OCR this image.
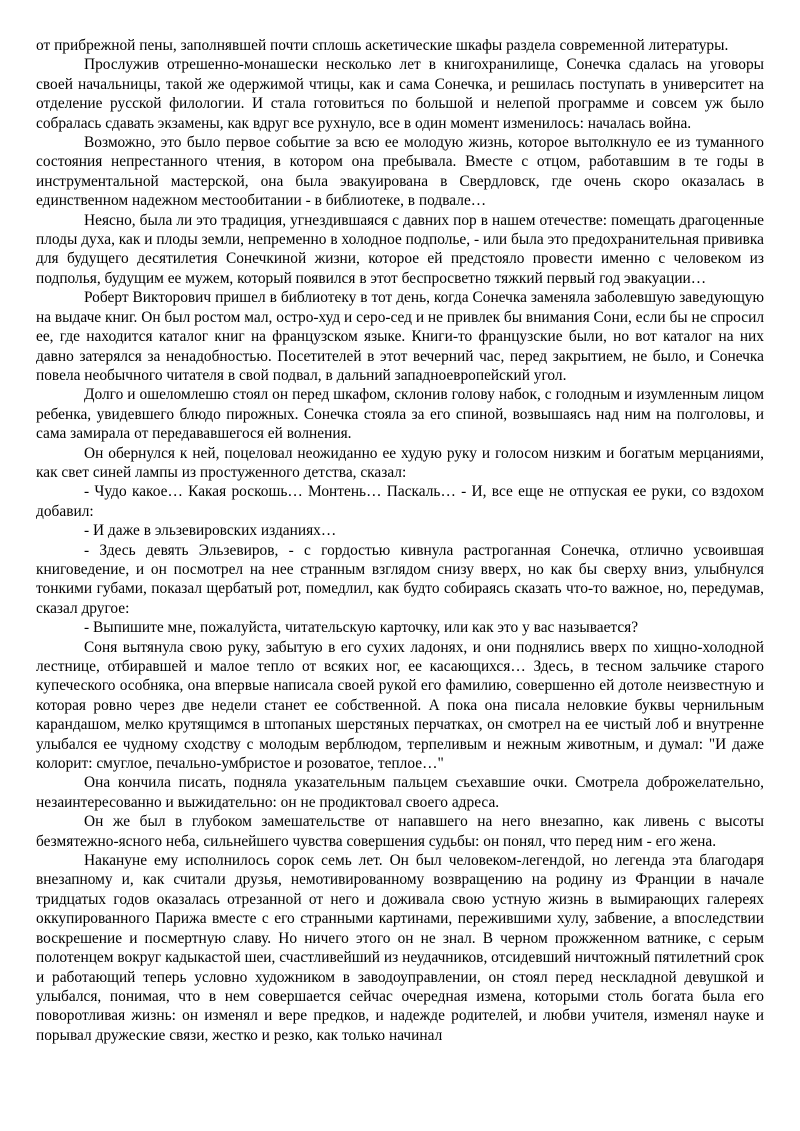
от прибрежной пены, заполнявшей почти сплошь аскетические шкафы раздела современной литературы.

Прослужив отрешенно-монашески несколько лет в книгохранилище, Сонечка сдалась на уговоры своей начальницы, такой же одержимой чтицы, как и сама Сонечка, и решилась поступать в университет на отделение русской филологии. И стала готовиться по большой и нелепой программе и совсем уж было собралась сдавать экзамены, как вдруг все рухнуло, все в один момент изменилось: началась война.

Возможно, это было первое событие за всю ее молодую жизнь, которое вытолкнуло ее из туманного состояния непрестанного чтения, в котором она пребывала. Вместе с отцом, работавшим в те годы в инструментальной мастерской, она была эвакуирована в Свердловск, где очень скоро оказалась в единственном надежном местообитании - в библиотеке, в подвале…

Неясно, была ли это традиция, угнездившаяся с давних пор в нашем отечестве: помещать драгоценные плоды духа, как и плоды земли, непременно в холодное подполье, - или была это предохранительная прививка для будущего десятилетия Сонечкиной жизни, которое ей предстояло провести именно с человеком из подполья, будущим ее мужем, который появился в этот беспросветно тяжкий первый год эвакуации…

Роберт Викторович пришел в библиотеку в тот день, когда Сонечка заменяла заболевшую заведующую на выдаче книг. Он был ростом мал, остро-худ и серо-сед и не привлек бы внимания Сони, если бы не спросил ее, где находится каталог книг на французском языке. Книги-то французские были, но вот каталог на них давно затерялся за ненадобностью. Посетителей в этот вечерний час, перед закрытием, не было, и Сонечка повела необычного читателя в свой подвал, в дальний западноевропейский угол.

Долго и ошеломлешю стоял он перед шкафом, склонив голову набок, с голодным и изумленным лицом ребенка, увидевшего блюдо пирожных. Сонечка стояла за его спиной, возвышаясь над ним на полголовы, и сама замирала от передававшегося ей волнения.

Он обернулся к ней, поцеловал неожиданно ее худую руку и голосом низким и богатым мерцаниями, как свет синей лампы из простуженного детства, сказал:

- Чудо какое… Какая роскошь… Монтень… Паскаль… - И, все еще не отпуская ее руки, со вздохом добавил:

- И даже в эльзевировских изданиях…

- Здесь девять Эльзевиров, - с гордостью кивнула растроганная Сонечка, отлично усвоившая книговедение, и он посмотрел на нее странным взглядом снизу вверх, но как бы сверху вниз, улыбнулся тонкими губами, показал щербатый рот, помедлил, как будто собираясь сказать что-то важное, но, передумав, сказал другое:

- Выпишите мне, пожалуйста, читательскую карточку, или как это у вас называется?

Соня вытянула свою руку, забытую в его сухих ладонях, и они поднялись вверх по хищно-холодной лестнице, отбиравшей и малое тепло от всяких ног, ее касающихся… Здесь, в тесном зальчике старого купеческого особняка, она впервые написала своей рукой его фамилию, совершенно ей дотоле неизвестную и которая ровно через две недели станет ее собственной. А пока она писала неловкие буквы чернильным карандашом, мелко крутящимся в штопаных шерстяных перчатках, он смотрел на ее чистый лоб и внутренне улыбался ее чудному сходству с молодым верблюдом, терпеливым и нежным животным, и думал: "И даже колорит: смуглое, печально-умбристое и розоватое, теплое…"

Она кончила писать, подняла указательным пальцем съехавшие очки. Смотрела доброжелательно, незаинтересованно и выжидательно: он не продиктовал своего адреса.

Он же был в глубоком замешательстве от напавшего на него внезапно, как ливень с высоты безмятежно-ясного неба, сильнейшего чувства совершения судьбы: он понял, что перед ним - его жена.

Накануне ему исполнилось сорок семь лет. Он был человеком-легендой, но легенда эта благодаря внезапному и, как считали друзья, немотивированному возвращению на родину из Франции в начале тридцатых годов оказалась отрезанной от него и доживала свою устную жизнь в вымирающих галереях оккупированного Парижа вместе с его странными картинами, пережившими хулу, забвение, а впоследствии воскрешение и посмертную славу. Но ничего этого он не знал. В черном прожженном ватнике, с серым полотенцем вокруг кадыкастой шеи, счастливейший из неудачников, отсидевший ничтожный пятилетний срок и работающий теперь условно художником в заводоуправлении, он стоял перед нескладной девушкой и улыбался, понимая, что в нем совершается сейчас очередная измена, которыми столь богата была его поворотливая жизнь: он изменял и вере предков, и надежде родителей, и любви учителя, изменял науке и порывал дружеские связи, жестко и резко, как только начинал
